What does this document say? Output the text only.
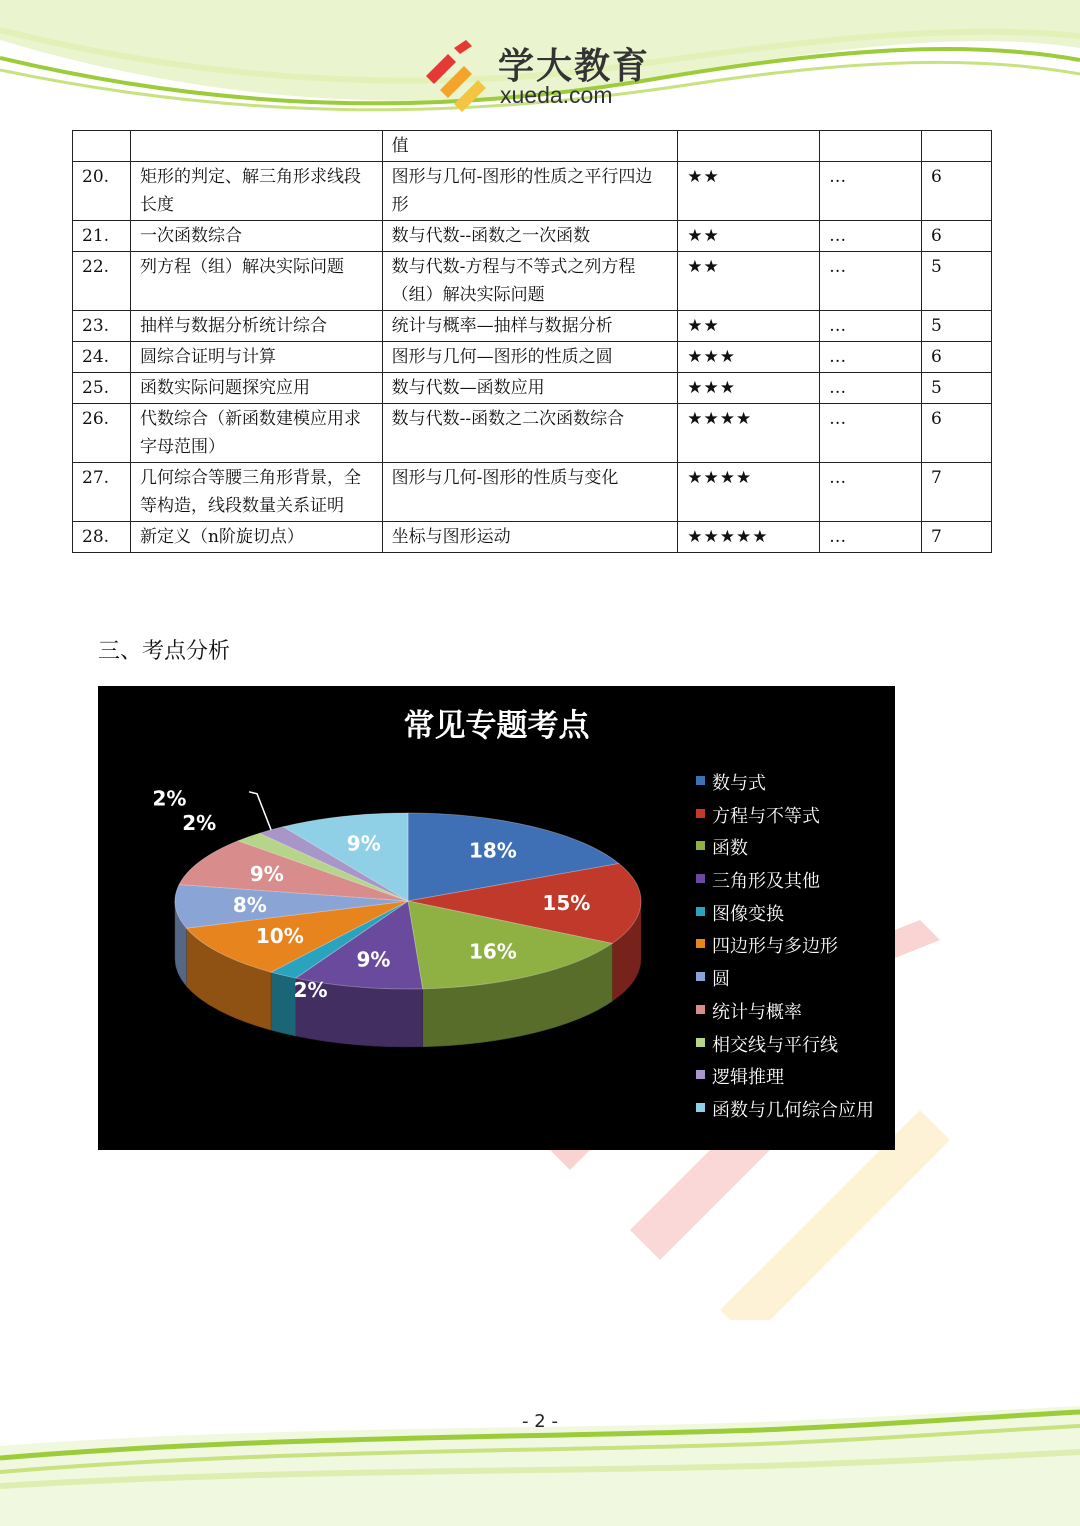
学大教育
xueda.com
		值			
20.	矩形的判定、解三角形求线段长度	图形与几何-图形的性质之平行四边形	★★	…	6
21.	一次函数综合	数与代数--函数之一次函数	★★	…	6
22.	列方程（组）解决实际问题	数与代数-方程与不等式之列方程（组）解决实际问题	★★	…	5
23.	抽样与数据分析统计综合	统计与概率—抽样与数据分析	★★	…	5
24.	圆综合证明与计算	图形与几何—图形的性质之圆	★★★	…	6
25.	函数实际问题探究应用	数与代数—函数应用	★★★	…	5
26.	代数综合（新函数建模应用求字母范围）	数与代数--函数之二次函数综合	★★★★	…	6
27.	几何综合等腰三角形背景，全等构造，线段数量关系证明	图形与几何-图形的性质与变化	★★★★	…	7
28.	新定义（n阶旋切点）	坐标与图形运动	★★★★★	…	7
三、考点分析
18%
15%
16%
9%
2%
10%
8%
9%
2%
2%
9%
常见专题考点
数与式
方程与不等式
函数
三角形及其他
图像变换
四边形与多边形
圆
统计与概率
相交线与平行线
逻辑推理
函数与几何综合应用
- 2 -
